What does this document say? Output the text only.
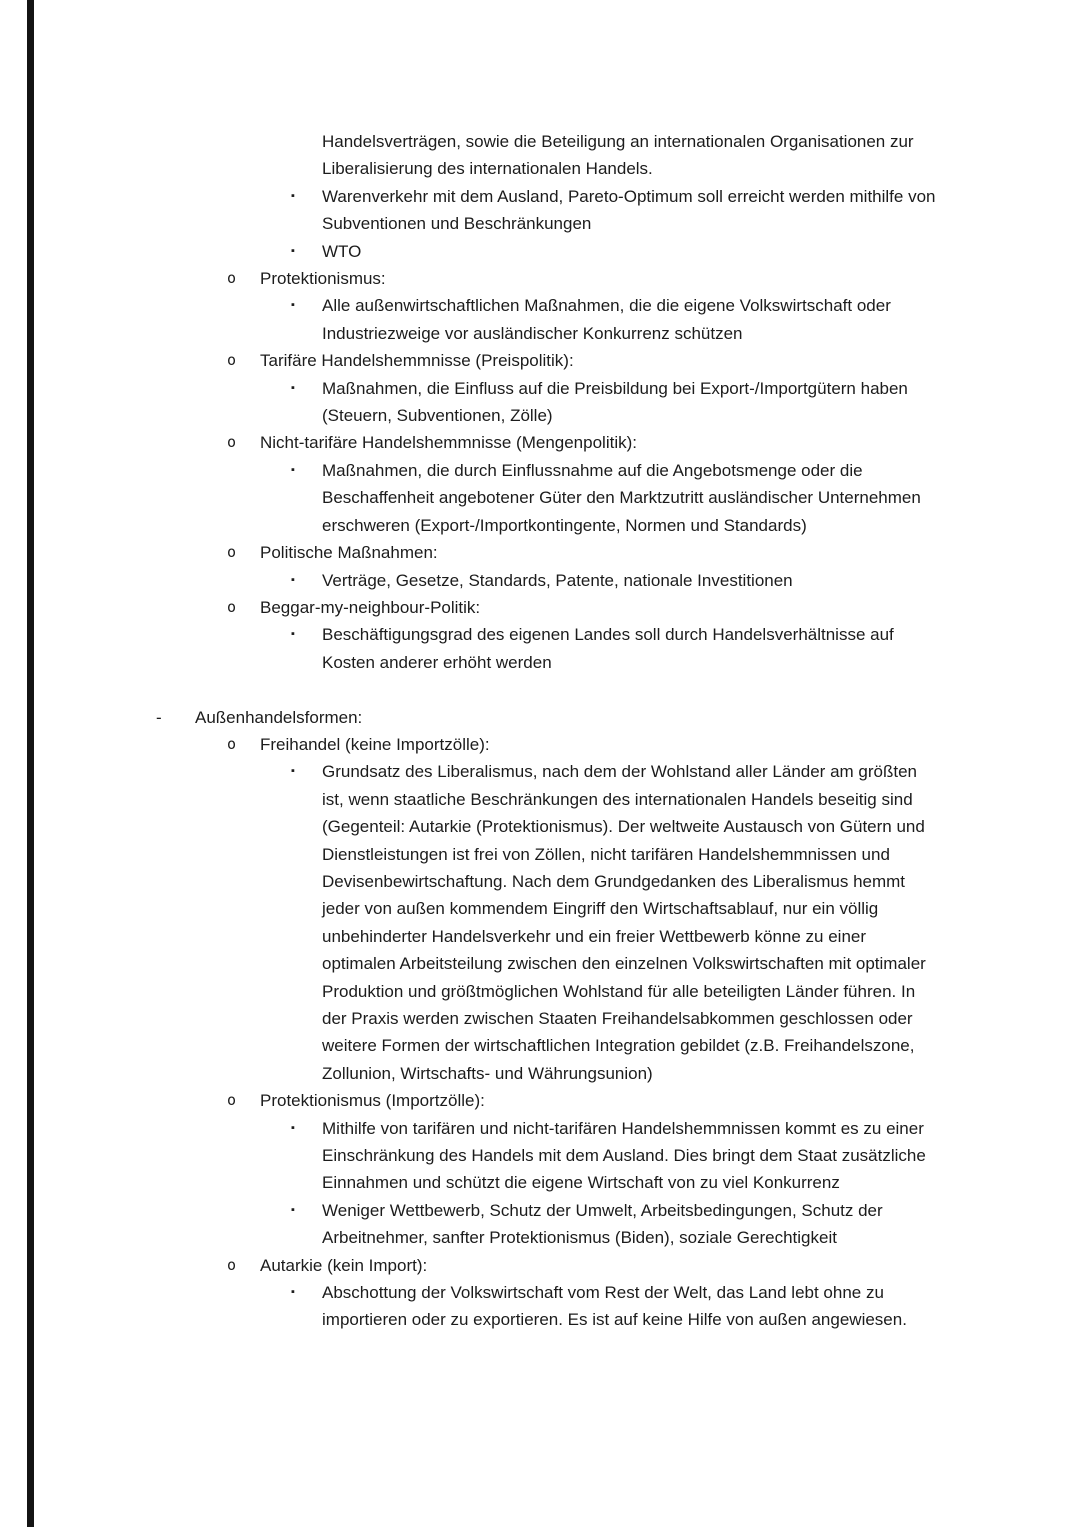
Handelsverträgen, sowie die Beteiligung an internationalen Organisationen zur Liberalisierung des internationalen Handels.
▪ Warenverkehr mit dem Ausland, Pareto-Optimum soll erreicht werden mithilfe von Subventionen und Beschränkungen
▪ WTO
o Protektionismus:
▪ Alle außenwirtschaftlichen Maßnahmen, die die eigene Volkswirtschaft oder Industriezweige vor ausländischer Konkurrenz schützen
o Tarifäre Handelshemmnisse (Preispolitik):
▪ Maßnahmen, die Einfluss auf die Preisbildung bei Export-/Importgütern haben (Steuern, Subventionen, Zölle)
o Nicht-tarifäre Handelshemmnisse (Mengenpolitik):
▪ Maßnahmen, die durch Einflussnahme auf die Angebotsmenge oder die Beschaffenheit angebotener Güter den Marktzutritt ausländischer Unternehmen erschweren (Export-/Importkontingente, Normen und Standards)
o Politische Maßnahmen:
▪ Verträge, Gesetze, Standards, Patente, nationale Investitionen
o Beggar-my-neighbour-Politik:
▪ Beschäftigungsgrad des eigenen Landes soll durch Handelsverhältnisse auf Kosten anderer erhöht werden
- Außenhandelsformen:
o Freihandel (keine Importzölle):
▪ Grundsatz des Liberalismus, nach dem der Wohlstand aller Länder am größten ist, wenn staatliche Beschränkungen des internationalen Handels beseitig sind (Gegenteil: Autarkie (Protektionismus). Der weltweite Austausch von Gütern und Dienstleistungen ist frei von Zöllen, nicht tarifären Handelshemmnissen und Devisenbewirtschaftung. Nach dem Grundgedanken des Liberalismus hemmt jeder von außen kommendem Eingriff den Wirtschaftsablauf, nur ein völlig unbehinderter Handelsverkehr und ein freier Wettbewerb könne zu einer optimalen Arbeitsteilung zwischen den einzelnen Volkswirtschaften mit optimaler Produktion und größtmöglichen Wohlstand für alle beteiligten Länder führen. In der Praxis werden zwischen Staaten Freihandelsabkommen geschlossen oder weitere Formen der wirtschaftlichen Integration gebildet (z.B. Freihandelszone, Zollunion, Wirtschafts- und Währungsunion)
o Protektionismus (Importzölle):
▪ Mithilfe von tarifären und nicht-tarifären Handelshemmnissen kommt es zu einer Einschränkung des Handels mit dem Ausland. Dies bringt dem Staat zusätzliche Einnahmen und schützt die eigene Wirtschaft von zu viel Konkurrenz
▪ Weniger Wettbewerb, Schutz der Umwelt, Arbeitsbedingungen, Schutz der Arbeitnehmer, sanfter Protektionismus (Biden), soziale Gerechtigkeit
o Autarkie (kein Import):
▪ Abschottung der Volkswirtschaft vom Rest der Welt, das Land lebt ohne zu importieren oder zu exportieren. Es ist auf keine Hilfe von außen angewiesen.
